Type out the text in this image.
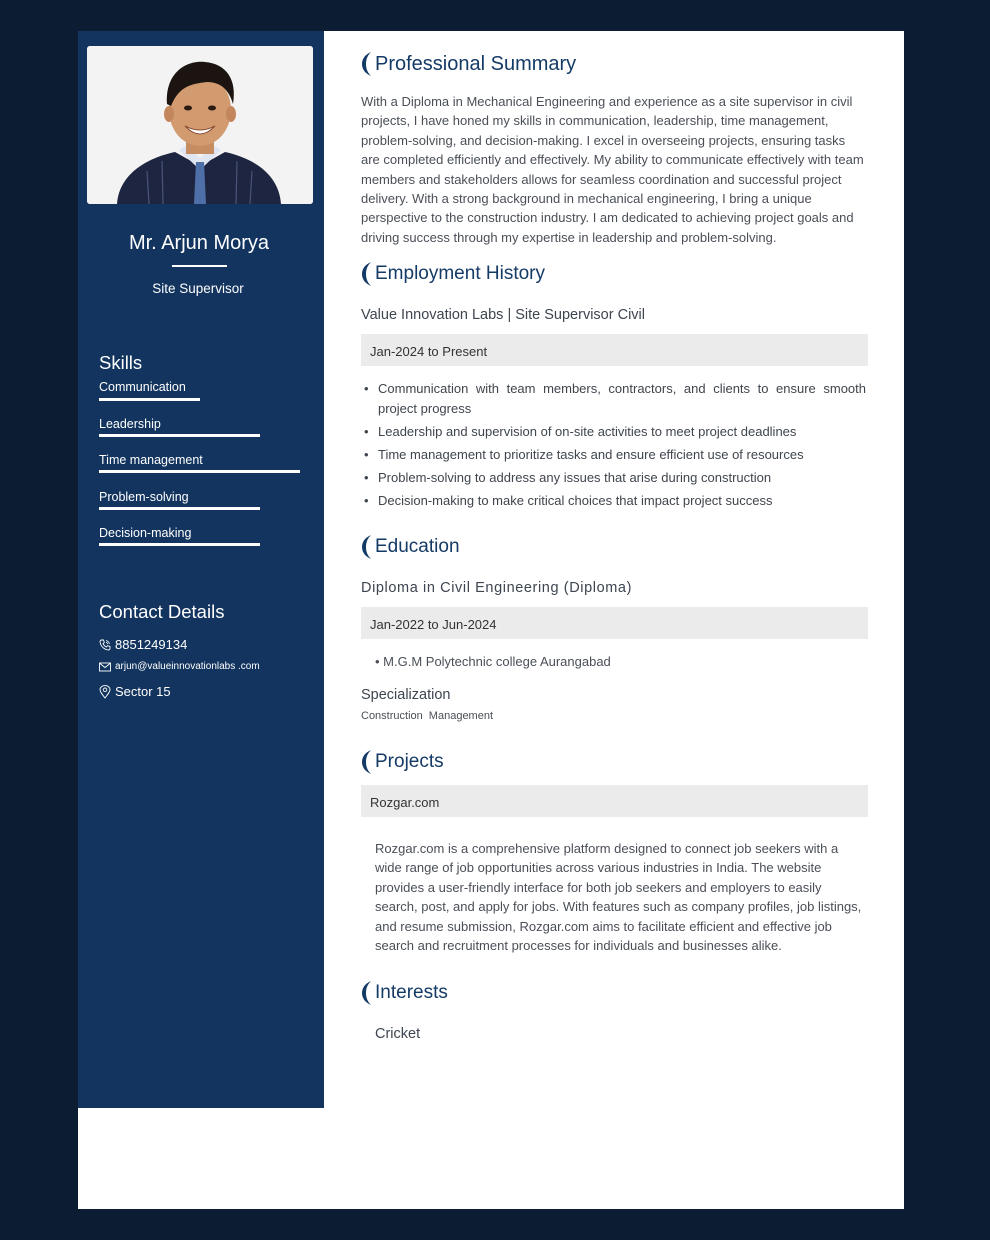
Mr. Arjun Morya
Site Supervisor
Skills
Communication
Leadership
Time management
Problem-solving
Decision-making
Contact Details
8851249134
arjun@valueinnovationlabs .com
Sector 15
Professional Summary
With a Diploma in Mechanical Engineering and experience as a site supervisor in civil projects, I have honed my skills in communication, leadership, time management, problem-solving, and decision-making. I excel in overseeing projects, ensuring tasks are completed efficiently and effectively. My ability to communicate effectively with team members and stakeholders allows for seamless coordination and successful project delivery. With a strong background in mechanical engineering, I bring a unique perspective to the construction industry. I am dedicated to achieving project goals and driving success through my expertise in leadership and problem-solving.
Employment History
Value Innovation Labs | Site Supervisor Civil
Jan-2024 to Present
• Communication with team members, contractors, and clients to ensure smooth project progress
• Leadership and supervision of on-site activities to meet project deadlines
• Time management to prioritize tasks and ensure efficient use of resources
• Problem-solving to address any issues that arise during construction
• Decision-making to make critical choices that impact project success
Education
Diploma in Civil Engineering (Diploma)
Jan-2022 to Jun-2024
• M.G.M Polytechnic college Aurangabad
Specialization
Construction Management
Projects
Rozgar.com
Rozgar.com is a comprehensive platform designed to connect job seekers with a wide range of job opportunities across various industries in India. The website provides a user-friendly interface for both job seekers and employers to easily search, post, and apply for jobs. With features such as company profiles, job listings, and resume submission, Rozgar.com aims to facilitate efficient and effective job search and recruitment processes for individuals and businesses alike.
Interests
Cricket
